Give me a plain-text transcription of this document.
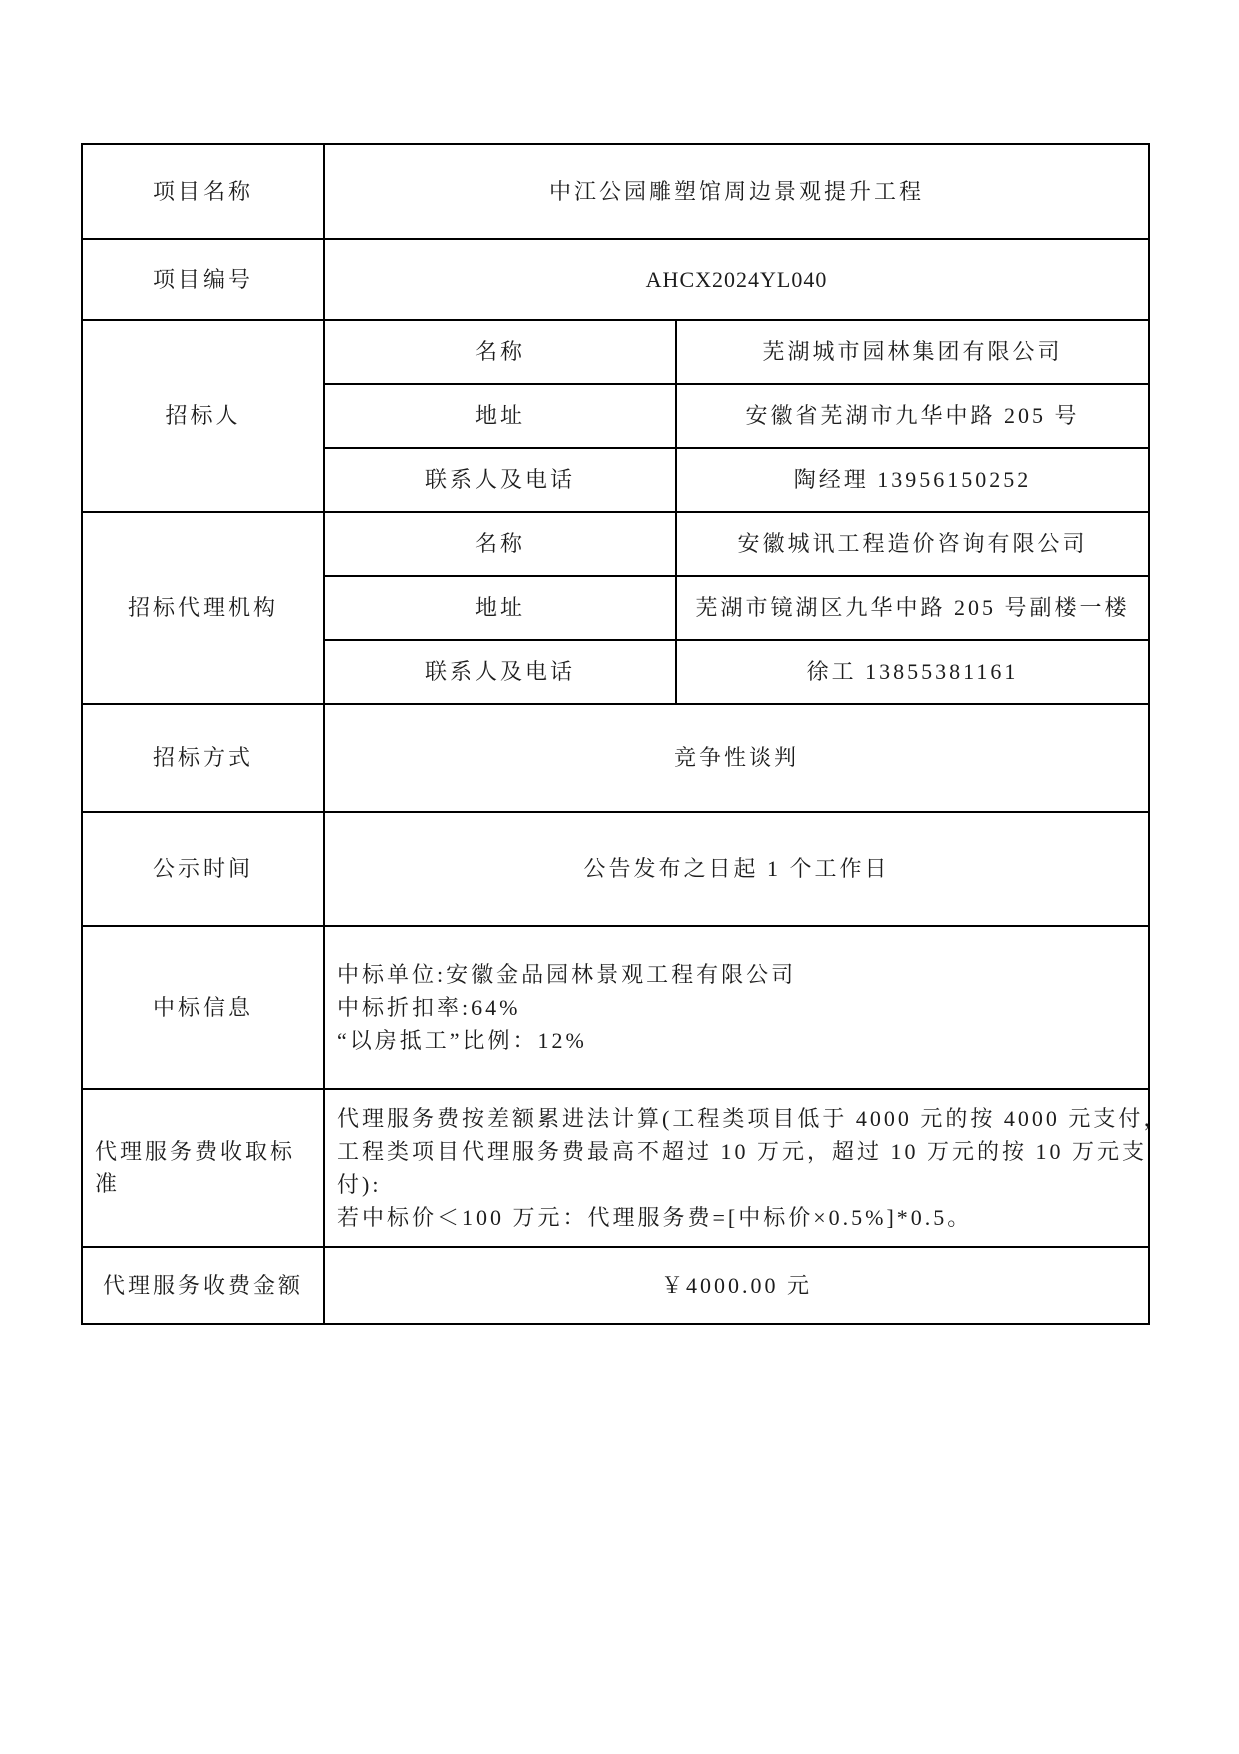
项目名称	中江公园雕塑馆周边景观提升工程	
项目编号	AHCX2024YL040	
招标人	名称	芜湖城市园林集团有限公司
	地址	安徽省芜湖市九华中路 205 号
	联系人及电话	陶经理 13956150252
招标代理机构	名称	安徽城讯工程造价咨询有限公司
	地址	芜湖市镜湖区九华中路 205 号副楼一楼
	联系人及电话	徐工 13855381161
招标方式	竞争性谈判	
公示时间	公告发布之日起 1 个工作日	
中标信息	中标单位:安徽金品园林景观工程有限公司
中标折扣率:64%
“以房抵工”比例：12%	

代理服务费收取标准	代理服务费按差额累进法计算(工程类项目低于 4000 元的按 4000 元支付，
工程类项目代理服务费最高不超过 10 万元，超过 10 万元的按 10 万元支
付):
若中标价＜100 万元：代理服务费=[中标价×0.5%]*0.5。	

代理服务收费金额	￥4000.00 元	
